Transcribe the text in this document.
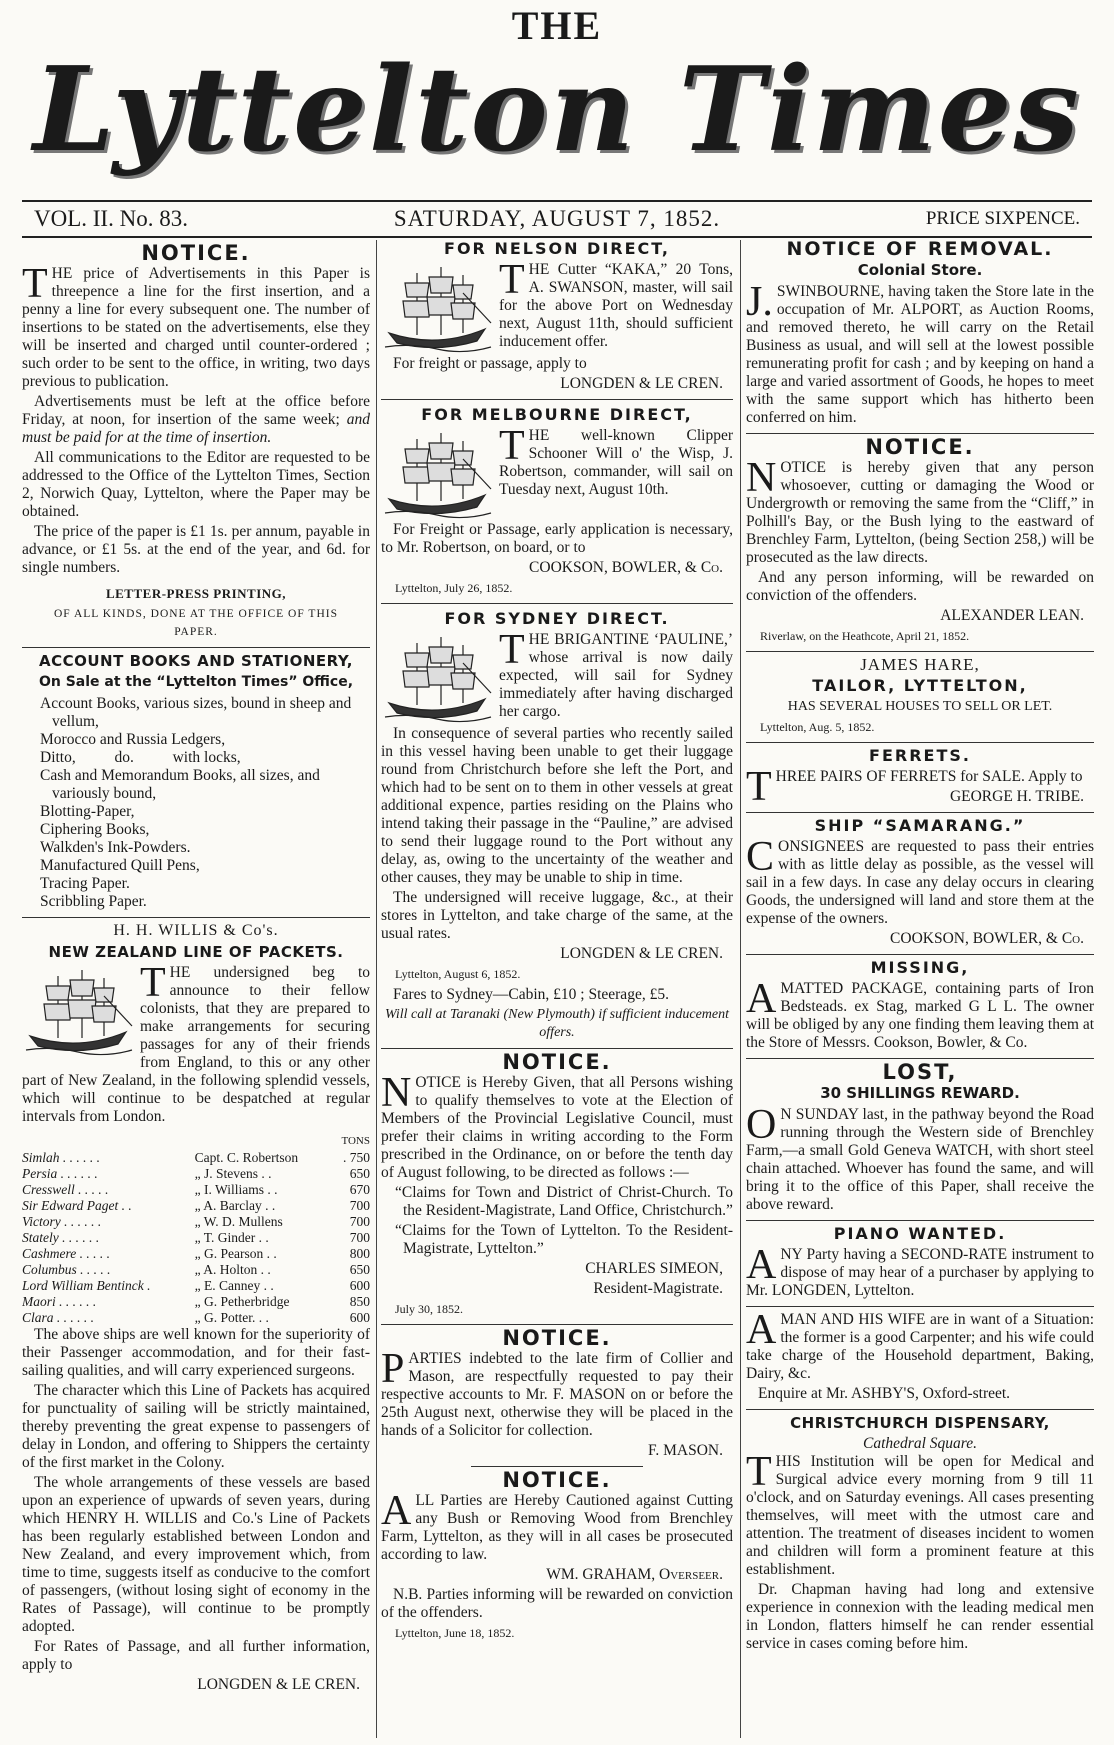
THE
Lyttelton Times
VOL. II. No. 83.	SATURDAY, AUGUST 7, 1852.	PRICE SIXPENCE.
NOTICE.

THE price of Advertisements in this Paper is threepence a line for the first insertion, and a penny a line for every subsequent one. The number of insertions to be stated on the advertisements, else they will be inserted and charged until counter-ordered ; such order to be sent to the office, in writing, two days previous to publication.

Advertisements must be left at the office before Friday, at noon, for insertion of the same week; and must be paid for at the time of insertion.

All communications to the Editor are requested to be addressed to the Office of the Lyttelton Times, Section 2, Norwich Quay, Lyttelton, where the Paper may be obtained.

The price of the paper is £1 1s. per annum, payable in advance, or £1 5s. at the end of the year, and 6d. for single numbers.

LETTER-PRESS PRINTING,
OF ALL KINDS, DONE AT THE OFFICE OF THIS PAPER.
ACCOUNT BOOKS AND STATIONERY,
On Sale at the “Lyttelton Times” Office,
Account Books, various sizes, bound in sheep and vellum,
Morocco and Russia Ledgers,
Ditto,          do.          with locks,
Cash and Memorandum Books, all sizes, and variously bound,
Blotting-Paper,
Ciphering Books,
Walkden's Ink-Powders.
Manufactured Quill Pens,
Tracing Paper.
Scribbling Paper.
H. H. WILLIS & Co's.
NEW ZEALAND LINE OF PACKETS.

THE undersigned beg to announce to their fellow colonists, that they are prepared to make arrangements for securing passages for any of their friends from England, to this or any other part of New Zealand, in the following splendid vessels, which will continue to be despatched at regular intervals from London.

TONS
Simlah . . . . . .	Capt. C. Robertson	. 750
Persia . . . . . .	„ J. Stevens . .	650
Cresswell . . . . .	„ I. Williams . .	670
Sir Edward Paget . .	„ A. Barclay . .	700
Victory . . . . . .	„ W. D. Mullens	700
Stately . . . . . .	„ T. Ginder . .	700
Cashmere . . . . .	„ G. Pearson . .	800
Columbus . . . . .	„ A. Holton . .	650
Lord William Bentinck .	„ E. Canney . .	600
Maori . . . . . .	„ G. Petherbridge	850
Clara . . . . . .	„ G. Potter. . .	600

The above ships are well known for the superiority of their Passenger accommodation, and for their fast-sailing qualities, and will carry experienced surgeons.

The character which this Line of Packets has acquired for punctuality of sailing will be strictly maintained, thereby preventing the great expense to passengers of delay in London, and offering to Shippers the certainty of the first market in the Colony.

The whole arrangements of these vessels are based upon an experience of upwards of seven years, during which HENRY H. WILLIS and Co.'s Line of Packets has been regularly established between London and New Zealand, and every improvement which, from time to time, suggests itself as conducive to the comfort of passengers, (without losing sight of economy in the Rates of Passage), will continue to be promptly adopted.

For Rates of Passage, and all further information, apply to

LONGDEN & LE CREN.
FOR NELSON DIRECT,

THE Cutter “KAKA,” 20 Tons, A. SWANSON, master, will sail for the above Port on Wednesday next, August 11th, should sufficient inducement offer.

For freight or passage, apply to

LONGDEN & LE CREN.
FOR MELBOURNE DIRECT,

THE well-known Clipper Schooner Will o' the Wisp, J. Robertson, commander, will sail on Tuesday next, August 10th.

For Freight or Passage, early application is necessary, to Mr. Robertson, on board, or to

COOKSON, BOWLER, & Co.
Lyttelton, July 26, 1852.
FOR SYDNEY DIRECT.

THE BRIGANTINE ‘PAULINE,’ whose arrival is now daily expected, will sail for Sydney immediately after having discharged her cargo.

In consequence of several parties who recently sailed in this vessel having been unable to get their luggage round from Christchurch before she left the Port, and which had to be sent on to them in other vessels at great additional expence, parties residing on the Plains who intend taking their passage in the “Pauline,” are advised to send their luggage round to the Port without any delay, as, owing to the uncertainty of the weather and other causes, they may be unable to ship in time.

The undersigned will receive luggage, &c., at their stores in Lyttelton, and take charge of the same, at the usual rates.

LONGDEN & LE CREN.
Lyttelton, August 6, 1852.

Fares to Sydney—Cabin, £10 ; Steerage, £5.

Will call at Taranaki (New Plymouth) if sufficient inducement offers.

NOTICE.

NOTICE is Hereby Given, that all Persons wishing to qualify themselves to vote at the Election of Members of the Provincial Legislative Council, must prefer their claims in writing according to the Form prescribed in the Ordinance, on or before the tenth day of August following, to be directed as follows :—

“Claims for Town and District of Christ-Church. To the Resident-Magistrate, Land Office, Christchurch.”

“Claims for the Town of Lyttelton. To the Resident-Magistrate, Lyttelton.”

CHARLES SIMEON,
Resident-Magistrate.
July 30, 1852.
NOTICE.

PARTIES indebted to the late firm of Collier and Mason, are respectfully requested to pay their respective accounts to Mr. F. MASON on or before the 25th August next, otherwise they will be placed in the hands of a Solicitor for collection.

F. MASON.
NOTICE.

ALL Parties are Hereby Cautioned against Cutting any Bush or Removing Wood from Brenchley Farm, Lyttelton, as they will in all cases be prosecuted according to law.

WM. GRAHAM, Overseer.

N.B. Parties informing will be rewarded on conviction of the offenders.

Lyttelton, June 18, 1852.
NOTICE OF REMOVAL.
Colonial Store.

J.SWINBOURNE, having taken the Store late in the occupation of Mr. ALPORT, as Auction Rooms, and removed thereto, he will carry on the Retail Business as usual, and will sell at the lowest possible remunerating profit for cash ; and by keeping on hand a large and varied assortment of Goods, he hopes to meet with the same support which has hitherto been conferred on him.

NOTICE.

NOTICE is hereby given that any person whosoever, cutting or damaging the Wood or Undergrowth or removing the same from the “Cliff,” in Polhill's Bay, or the Bush lying to the eastward of Brenchley Farm, Lyttelton, (being Section 258,) will be prosecuted as the law directs.

And any person informing, will be rewarded on conviction of the offenders.

ALEXANDER LEAN.
Riverlaw, on the Heathcote, April 21, 1852.
JAMES HARE,
TAILOR, LYTTELTON,
HAS SEVERAL HOUSES TO SELL OR LET.
Lyttelton, Aug. 5, 1852.
FERRETS.

THREE PAIRS OF FERRETS for SALE. Apply to

GEORGE H. TRIBE.
SHIP “SAMARANG.”

CONSIGNEES are requested to pass their entries with as little delay as possible, as the vessel will sail in a few days. In case any delay occurs in clearing Goods, the undersigned will land and store them at the expense of the owners.

COOKSON, BOWLER, & Co.
MISSING,

AMATTED PACKAGE, containing parts of Iron Bedsteads. ex Stag, marked G L L. The owner will be obliged by any one finding them leaving them at the Store of Messrs. Cookson, Bowler, & Co.

LOST,
30 SHILLINGS REWARD.

ON SUNDAY last, in the pathway beyond the Road running through the Western side of Brenchley Farm,—a small Gold Geneva WATCH, with short steel chain attached. Whoever has found the same, and will bring it to the office of this Paper, shall receive the above reward.

PIANO WANTED.

ANY Party having a SECOND-RATE instrument to dispose of may hear of a purchaser by applying to Mr. LONGDEN, Lyttelton.

AMAN AND HIS WIFE are in want of a Situation: the former is a good Carpenter; and his wife could take charge of the Household department, Baking, Dairy, &c.

Enquire at Mr. ASHBY'S, Oxford-street.

CHRISTCHURCH DISPENSARY,
Cathedral Square.

THIS Institution will be open for Medical and Surgical advice every morning from 9 till 11 o'clock, and on Saturday evenings. All cases presenting themselves, will meet with the utmost care and attention. The treatment of diseases incident to women and children will form a prominent feature at this establishment.

Dr. Chapman having had long and extensive experience in connexion with the leading medical men in London, flatters himself he can render essential service in cases coming before him.
